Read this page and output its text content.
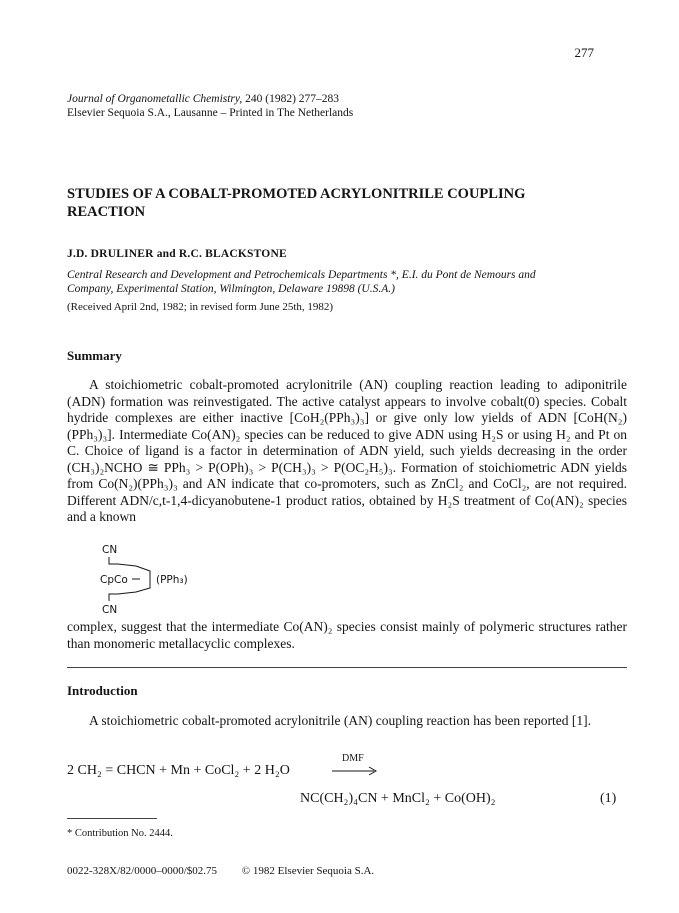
277
Journal of Organometallic Chemistry, 240 (1982) 277–283
Elsevier Sequoia S.A., Lausanne – Printed in The Netherlands
STUDIES OF A COBALT-PROMOTED ACRYLONITRILE COUPLING
REACTION
J.D. DRULINER and R.C. BLACKSTONE
Central Research and Development and Petrochemicals Departments *, E.I. du Pont de Nemours and
Company, Experimental Station, Wilmington, Delaware 19898 (U.S.A.)
(Received April 2nd, 1982; in revised form June 25th, 1982)
Summary

A stoichiometric cobalt-promoted acrylonitrile (AN) coupling reaction leading to adiponitrile (ADN) formation was reinvestigated. The active catalyst appears to involve cobalt(0) species. Cobalt hydride complexes are either inactive [CoH₂(PPh₃)₃] or give only low yields of ADN [CoH(N₂)(PPh₃)₃]. Intermediate Co(AN)₂ species can be reduced to give ADN using H₂S or using H₂ and Pt on C. Choice of ligand is a factor in determination of ADN yield, such yields decreasing in the order (CH₃)₂NCHO ≅ PPh₃ > P(OPh)₃ > P(CH₃)₃ > P(OC₂H₅)₃. Formation of stoichiometric ADN yields from Co(N₂)(PPh₃)₃ and AN indicate that co-promoters, such as ZnCl₂ and CoCl₂, are not required. Different ADN/c,t-1,4-dicyanobutene-1 product ratios, obtained by H₂S treatment of Co(AN)₂ species and a known

CN
CpCo	(PPh₃)
CN

complex, suggest that the intermediate Co(AN)₂ species consist mainly of polymeric structures rather than monomeric metallacyclic complexes.

Introduction

A stoichiometric cobalt-promoted acrylonitrile (AN) coupling reaction has been reported [1].

2 CH₂ = CHCN + Mn + CoCl₂ + 2 H₂O
DMF
NC(CH₂)₄CN + MnCl₂ + Co(OH)₂	(1)
* Contribution No. 2444.
0022-328X/82/0000–0000/$02.75 © 1982 Elsevier Sequoia S.A.
